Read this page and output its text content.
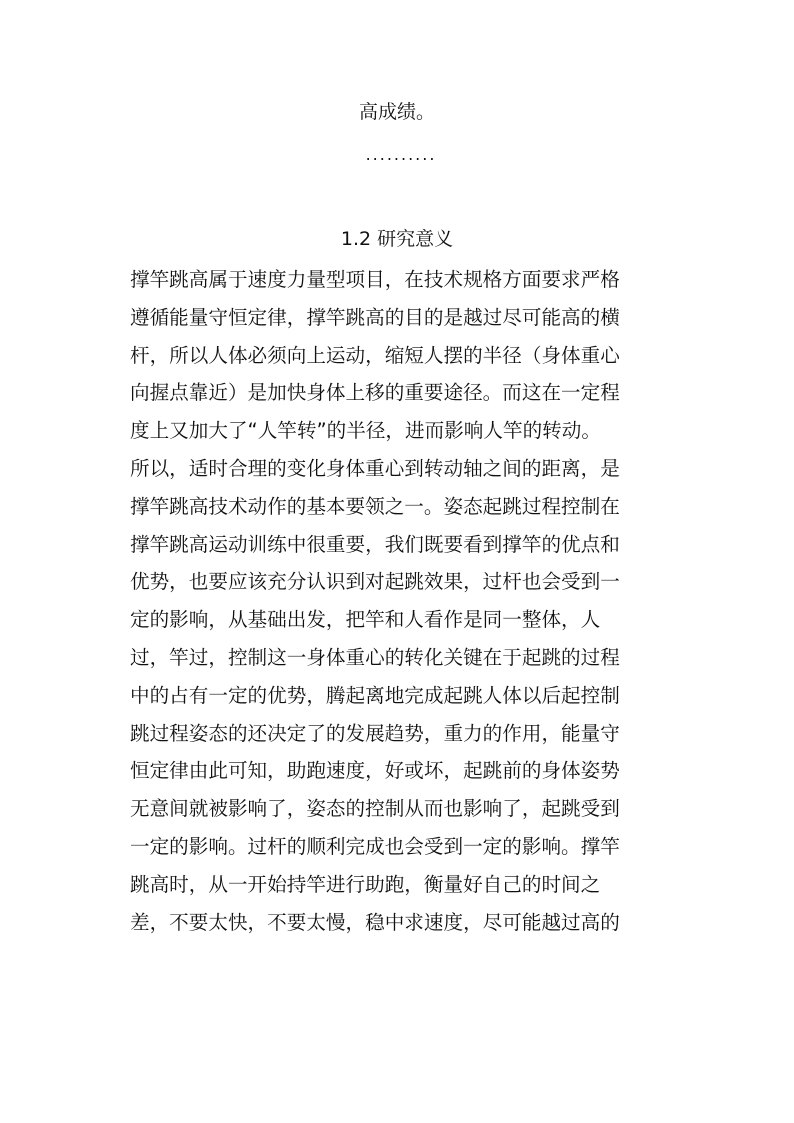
高成绩。
..........
1.2 研究意义
撑竿跳高属于速度力量型项目，在技术规格方面要求严格
遵循能量守恒定律，撑竿跳高的目的是越过尽可能高的横
杆，所以人体必须向上运动，缩短人摆的半径（身体重心
向握点靠近）是加快身体上移的重要途径。而这在一定程
度上又加大了“人竿转”的半径，进而影响人竿的转动。
所以，适时合理的变化身体重心到转动轴之间的距离，是
撑竿跳高技术动作的基本要领之一。姿态起跳过程控制在
撑竿跳高运动训练中很重要，我们既要看到撑竿的优点和
优势，也要应该充分认识到对起跳效果，过杆也会受到一
定的影响，从基础出发，把竿和人看作是同一整体，人
过，竿过，控制这一身体重心的转化关键在于起跳的过程
中的占有一定的优势，腾起离地完成起跳人体以后起控制
跳过程姿态的还决定了的发展趋势，重力的作用，能量守
恒定律由此可知，助跑速度，好或坏，起跳前的身体姿势
无意间就被影响了，姿态的控制从而也影响了，起跳受到
一定的影响。过杆的顺利完成也会受到一定的影响。撑竿
跳高时，从一开始持竿进行助跑，衡量好自己的时间之
差，不要太快，不要太慢，稳中求速度，尽可能越过高的
